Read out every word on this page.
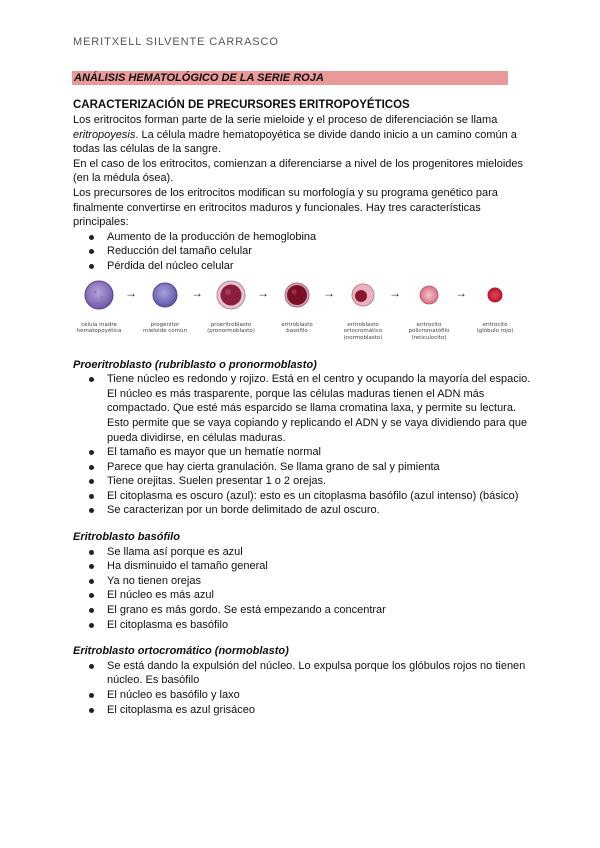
MERITXELL SILVENTE CARRASCO
ANÁLISIS HEMATOLÓGICO DE LA SERIE ROJA
CARACTERIZACIÓN DE PRECURSORES ERITROPOYÉTICOS

Los eritrocitos forman parte de la serie mieloide y el proceso de diferenciación se llama eritropoyesis. La célula madre hematopoyética se divide dando inicio a un camino común a todas las células de la sangre.

En el caso de los eritrocitos, comienzan a diferenciarse a nivel de los progenitores mieloides (en la médula ósea).

Los precursores de los eritrocitos modifican su morfología y su programa genético para finalmente convertirse en eritrocitos maduros y funcionales. Hay tres características principales:

Aumento de la producción de hemoglobina
Reducción del tamaño celular
Pérdida del núcleo celular
célula madre
hematopoyética
→
progenitor
mieloide común
→
proeritroblasto
(pronormoblasto)
→
eritroblasto
basófilo
→
eritroblasto
ortocromático
(normoblasto)
→
eritrocito
policromatófilo
(reticulocito)
→
eritrocito
(glóbulo rojo)
Proeritroblasto (rubriblasto o pronormoblasto)
Tiene núcleo es redondo y rojizo. Está en el centro y ocupando la mayoría del espacio. El núcleo es más trasparente, porque las células maduras tienen el ADN más compactado. Que esté más esparcido se llama cromatina laxa, y permite su lectura. Esto permite que se vaya copiando y replicando el ADN y se vaya dividiendo para que pueda dividirse, en células maduras.
El tamaño es mayor que un hematíe normal
Parece que hay cierta granulación. Se llama grano de sal y pimienta
Tiene orejitas. Suelen presentar 1 o 2 orejas.
El citoplasma es oscuro (azul): esto es un citoplasma basófilo (azul intenso) (básico)
Se caracterizan por un borde delimitado de azul oscuro.
Eritroblasto basófilo
Se llama así porque es azul
Ha disminuido el tamaño general
Ya no tienen orejas
El núcleo es más azul
El grano es más gordo. Se está empezando a concentrar
El citoplasma es basófilo
Eritroblasto ortocromático (normoblasto)
Se está dando la expulsión del núcleo. Lo expulsa porque los glóbulos rojos no tienen núcleo. Es basófilo
El núcleo es basófilo y laxo
El citoplasma es azul grisáceo
